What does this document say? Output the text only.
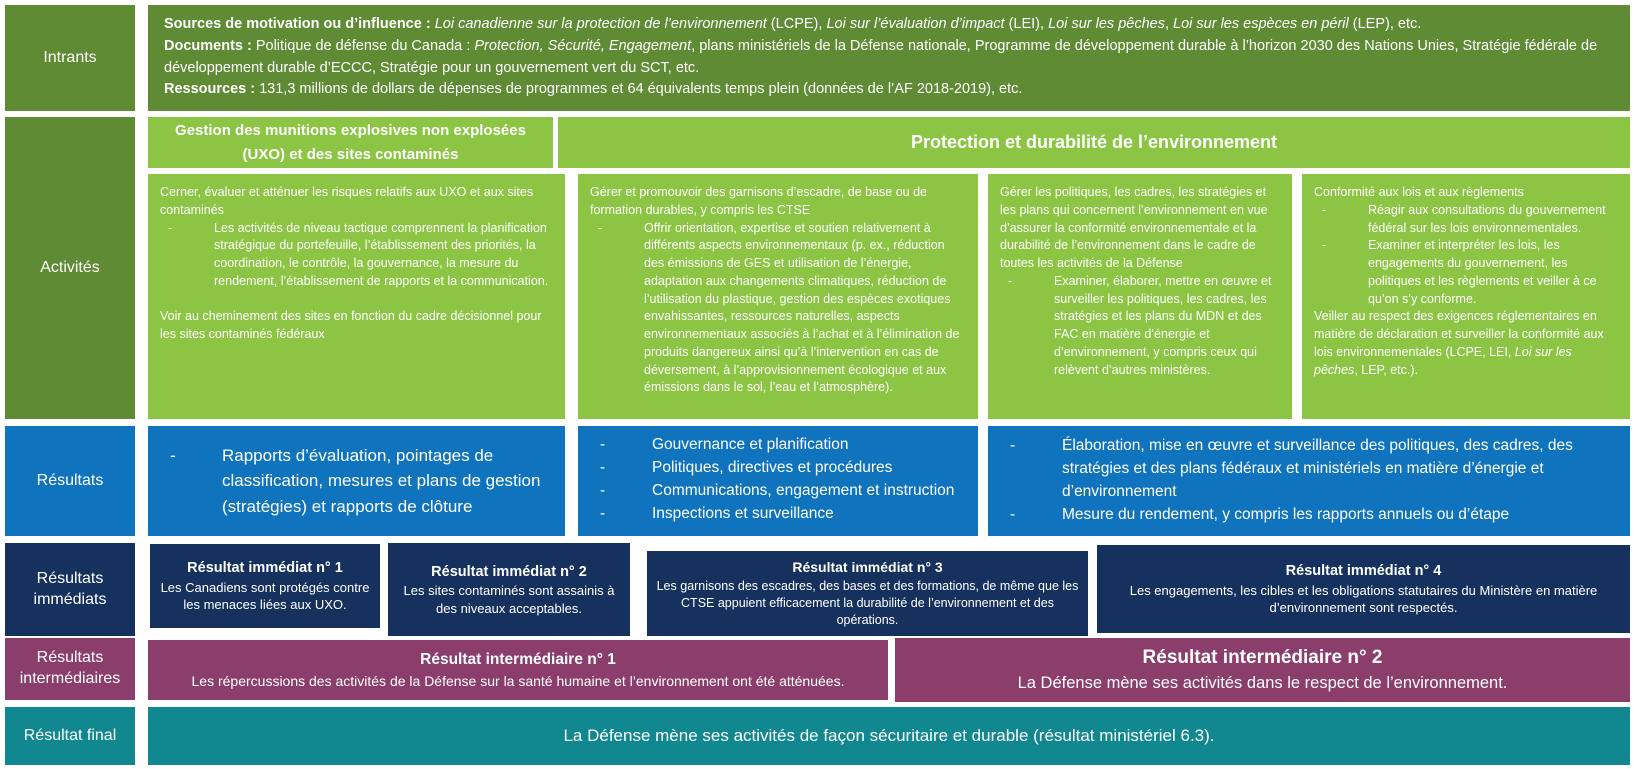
Intrants
Activités
Résultats
Résultats immédiats
Résultats intermédiaires
Résultat final
Sources de motivation ou d’influence : Loi canadienne sur la protection de l’environnement (LCPE), Loi sur l’évaluation d’impact (LEI), Loi sur les pêches, Loi sur les espèces en péril (LEP), etc.
Documents : Politique de défense du Canada : Protection, Sécurité, Engagement, plans ministériels de la Défense nationale, Programme de développement durable à l’horizon 2030 des Nations Unies, Stratégie fédérale de développement durable d’ECCC, Stratégie pour un gouvernement vert du SCT, etc.
Ressources : 131,3 millions de dollars de dépenses de programmes et 64 équivalents temps plein (données de l’AF 2018-2019), etc.
Gestion des munitions explosives non explosées (UXO) et des sites contaminés
Protection et durabilité de l’environnement
Cerner, évaluer et atténuer les risques relatifs aux UXO et aux sites contaminés
-	Les activités de niveau tactique comprennent la planification stratégique du portefeuille, l’établissement des priorités, la coordination, le contrôle, la gouvernance, la mesure du rendement, l’établissement de rapports et la communication.
Voir au cheminement des sites en fonction du cadre décisionnel pour les sites contaminés fédéraux
Gérer et promouvoir des garnisons d’escadre, de base ou de formation durables, y compris les CTSE
-	Offrir orientation, expertise et soutien relativement à différents aspects environnementaux (p. ex., réduction des émissions de GES et utilisation de l’énergie, adaptation aux changements climatiques, réduction de l’utilisation du plastique, gestion des espèces exotiques envahissantes, ressources naturelles, aspects environnementaux associés à l’achat et à l’élimination de produits dangereux ainsi qu’à l’intervention en cas de déversement, à l’approvisionnement écologique et aux émissions dans le sol, l’eau et l’atmosphère).
Gérer les politiques, les cadres, les stratégies et les plans qui concernent l’environnement en vue d’assurer la conformité environnementale et la durabilité de l’environnement dans le cadre de toutes les activités de la Défense
-	Examiner, élaborer, mettre en œuvre et surveiller les politiques, les cadres, les stratégies et les plans du MDN et des FAC en matière d’énergie et d’environnement, y compris ceux qui relèvent d’autres ministères.
Conformité aux lois et aux règlements
-	Réagir aux consultations du gouvernement fédéral sur les lois environnementales.
-	Examiner et interpréter les lois, les engagements du gouvernement, les politiques et les règlements et veiller à ce qu’on s’y conforme.
Veiller au respect des exigences réglementaires en matière de déclaration et surveiller la conformité aux lois environnementales (LCPE, LEI, Loi sur les pêches, LEP, etc.).
-	Rapports d’évaluation, pointages de classification, mesures et plans de gestion (stratégies) et rapports de clôture
-	Gouvernance et planification
-	Politiques, directives et procédures
-	Communications, engagement et instruction
-	Inspections et surveillance
-	Élaboration, mise en œuvre et surveillance des politiques, des cadres, des stratégies et des plans fédéraux et ministériels en matière d’énergie et d’environnement
-	Mesure du rendement, y compris les rapports annuels ou d’étape
Résultat immédiat n° 1
Les Canadiens sont protégés contre les menaces liées aux UXO.
Résultat immédiat n° 2
Les sites contaminés sont assainis à des niveaux acceptables.
Résultat immédiat n° 3
Les garnisons des escadres, des bases et des formations, de même que les CTSE appuient efficacement la durabilité de l’environnement et des opérations.
Résultat immédiat n° 4
Les engagements, les cibles et les obligations statutaires du Ministère en matière d’environnement sont respectés.
Résultat intermédiaire n° 1
Les répercussions des activités de la Défense sur la santé humaine et l’environnement ont été atténuées.
Résultat intermédiaire n° 2
La Défense mène ses activités dans le respect de l’environnement.
La Défense mène ses activités de façon sécuritaire et durable (résultat ministériel 6.3).
